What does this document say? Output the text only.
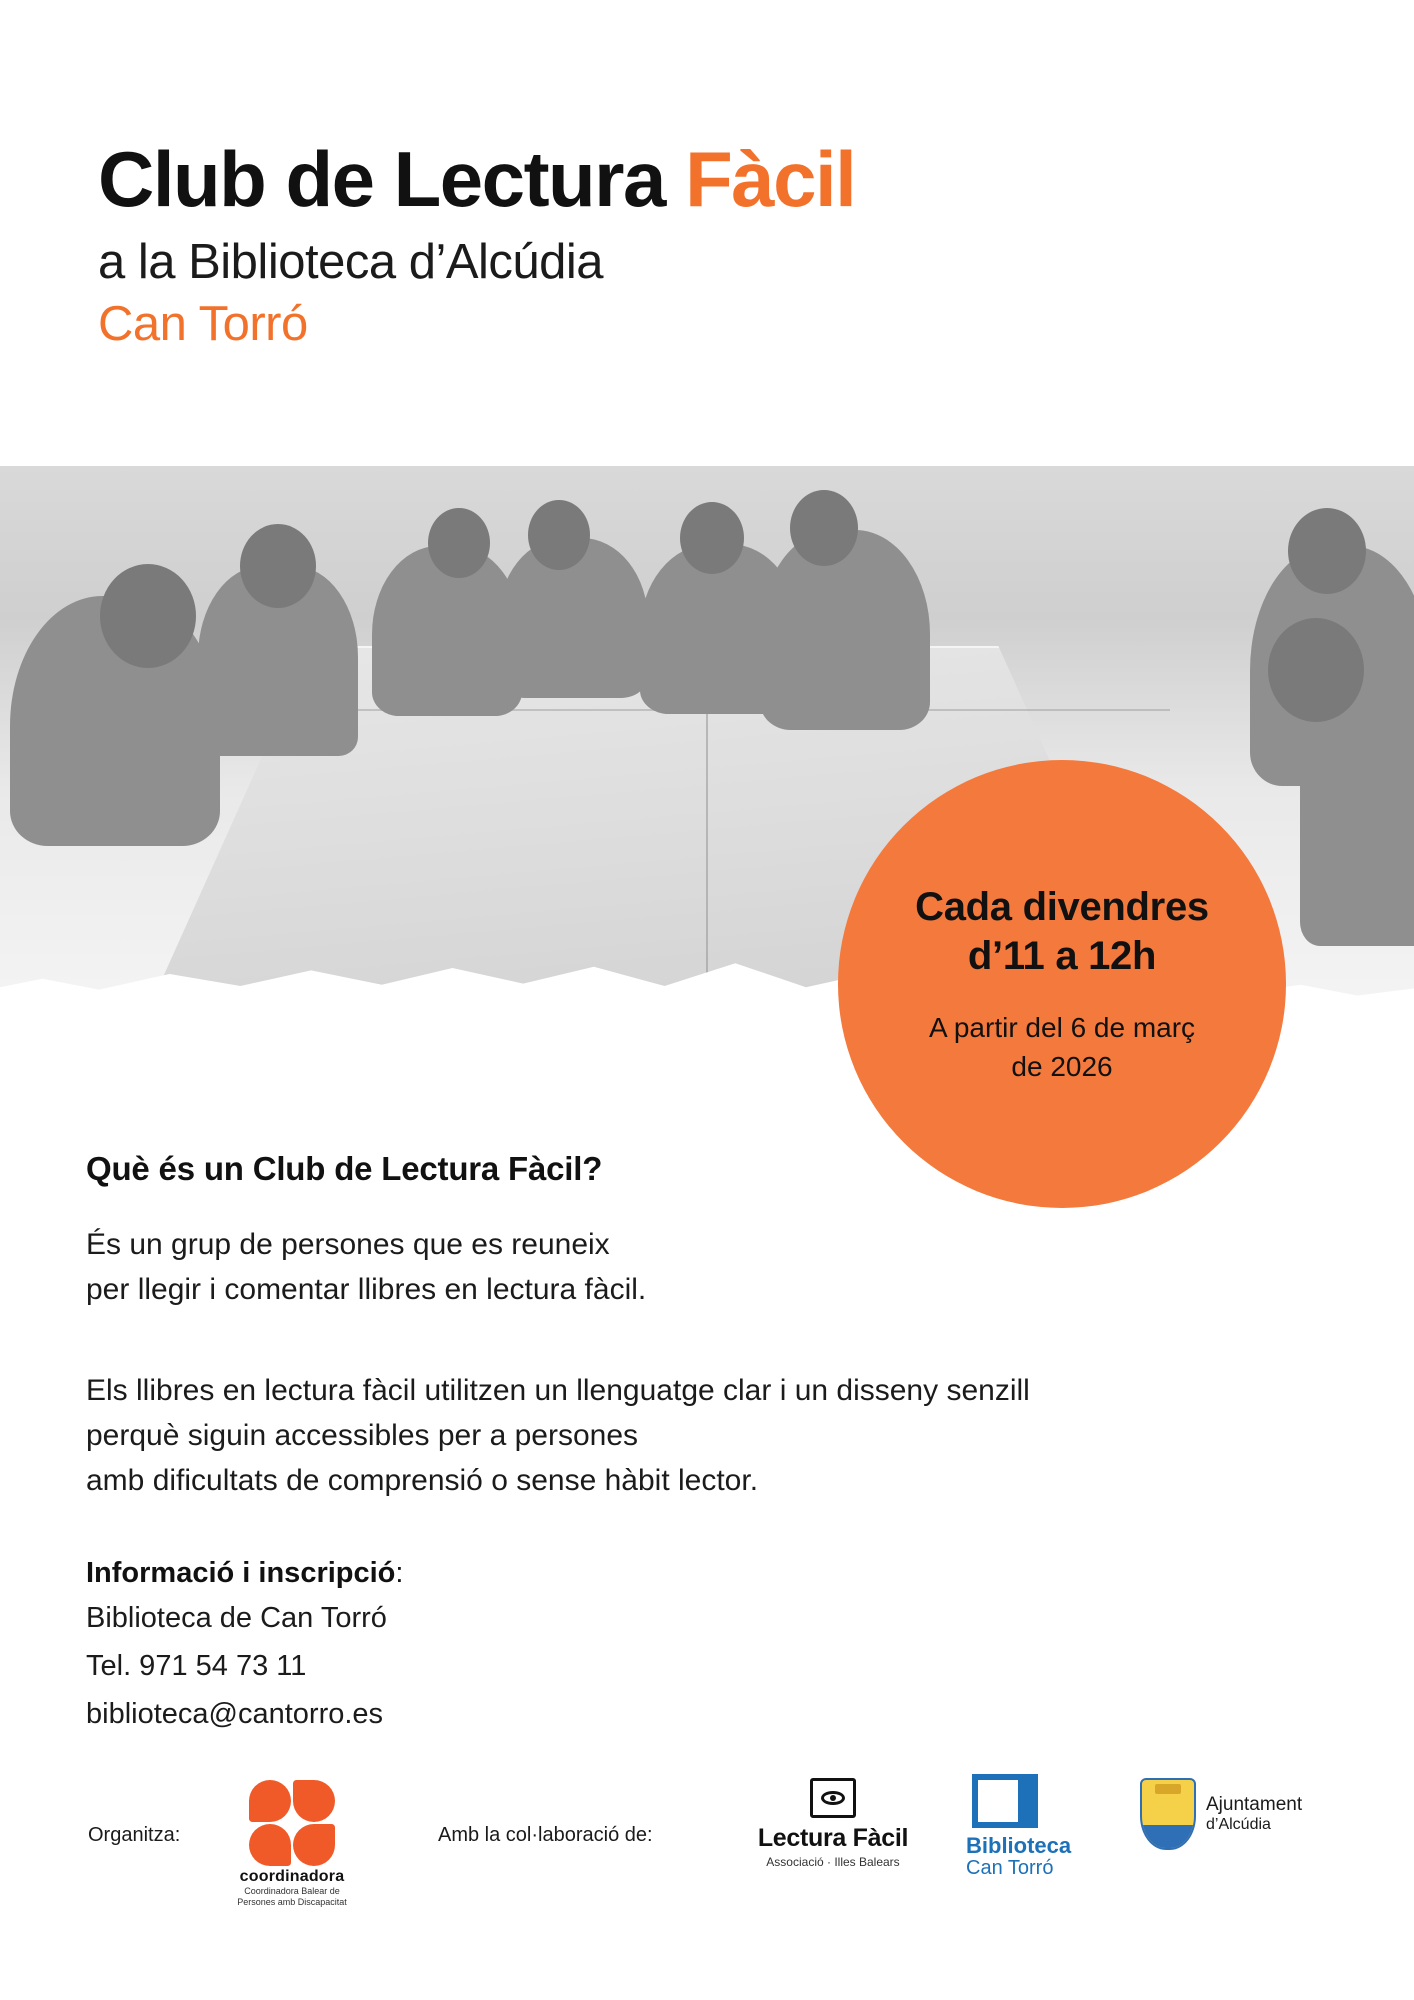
Club de Lectura Fàcil
a la Biblioteca d’Alcúdia
Can Torró
Cada divendres
d’11 a 12h
A partir del 6 de març
de 2026
Què és un Club de Lectura Fàcil?
És un grup de persones que es reuneix
per llegir i comentar llibres en lectura fàcil.
Els llibres en lectura fàcil utilitzen un llenguatge clar i un disseny senzill
perquè siguin accessibles per a persones
amb dificultats de comprensió o sense hàbit lector.
Informació i inscripció:
Biblioteca de Can Torró
Tel. 971 54 73 11
biblioteca@cantorro.es
Organitza:	Amb la col·laboració de:
coordinadora
Coordinadora Balear de
Persones amb Discapacitat
Lectura Fàcil
Associació · Illes Balears
Biblioteca
Can Torró
Ajuntament
d’Alcúdia
